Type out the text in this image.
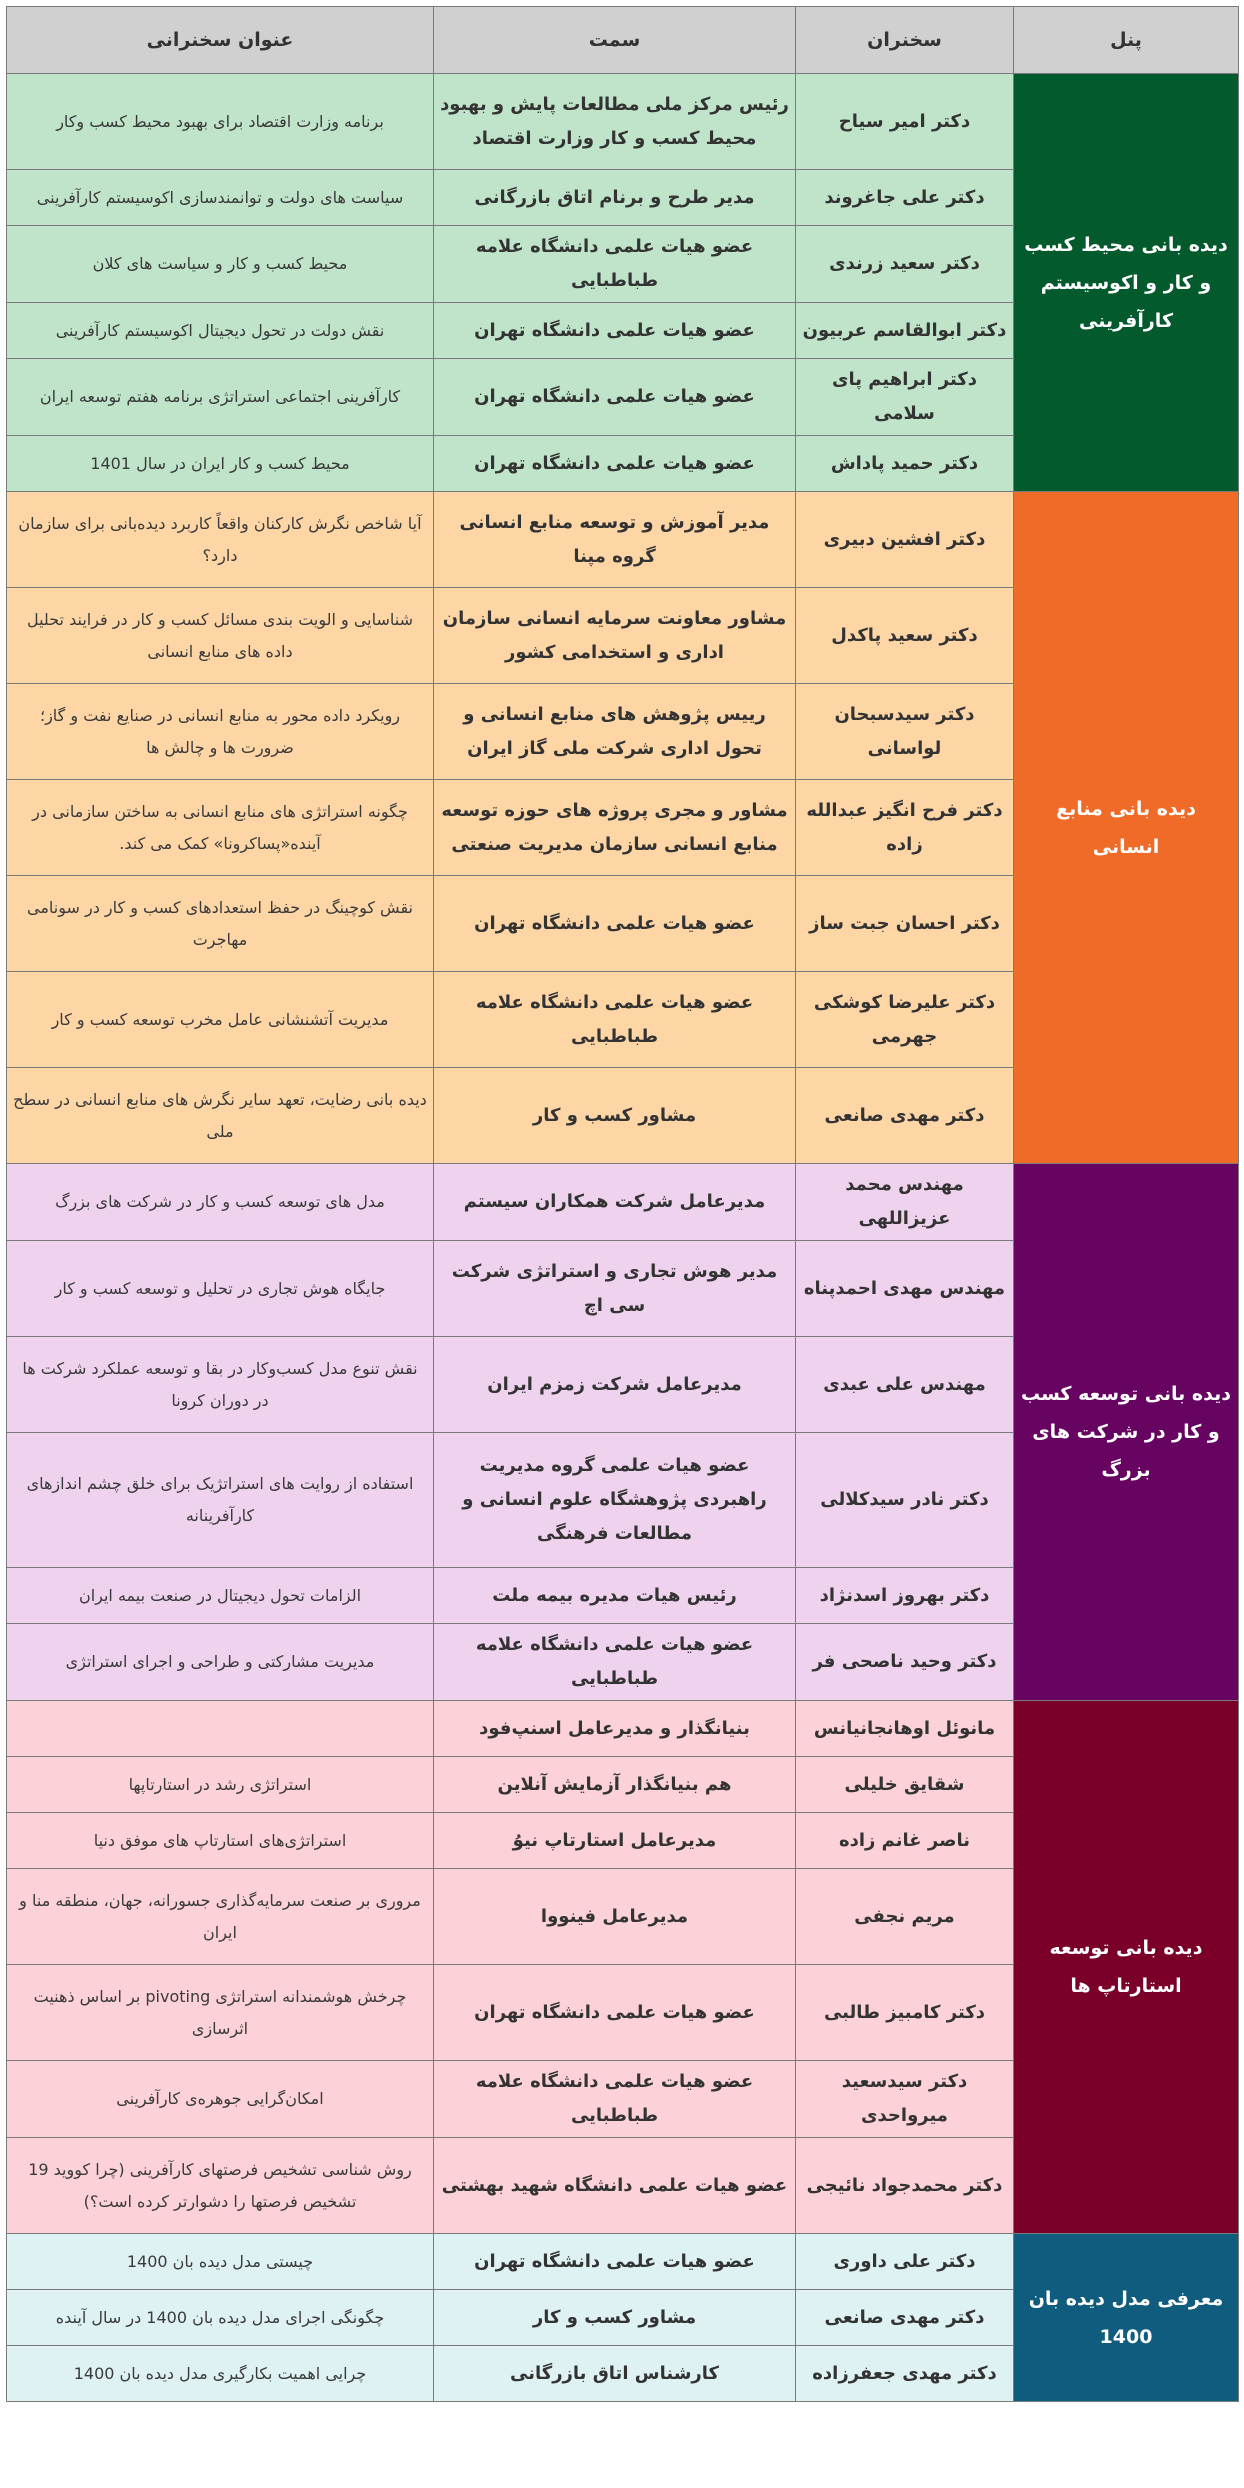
پنل	سخنران	سمت	عنوان سخنرانی
دیده بانی محیط کسب و کار و اکوسیستم کارآفرینی	دکتر امیر سیاح	رئیس مرکز ملی مطالعات پایش و بهبود محیط کسب و کار وزارت اقتصاد	برنامه وزارت اقتصاد برای بهبود محیط کسب وکار
	دکتر علی جاغروند	مدیر طرح و برنام اتاق بازرگانی	سیاست های دولت و توانمندسازی اکوسیستم کارآفرینی
	دکتر سعید زرندی	عضو هیات علمی دانشگاه علامه طباطبایی	محیط کسب و کار و سیاست های کلان
	دکتر ابوالقاسم عربیون	عضو هیات علمی دانشگاه تهران	نقش دولت در تحول دیجیتال اکوسیستم کارآفرینی
	دکتر ابراهیم پای سلامی	عضو هیات علمی دانشگاه تهران	کارآفرینی اجتماعی استراتژی برنامه هفتم توسعه ایران
	دکتر حمید پاداش	عضو هیات علمی دانشگاه تهران	محیط کسب و کار ایران در سال 1401
دیده بانی منابع انسانی	دکتر افشین دبیری	مدیر آموزش و توسعه منابع انسانی گروه مپنا	آیا شاخص نگرش کارکنان واقعاً کاربرد دیده‌بانی برای سازمان دارد؟
	دکتر سعید پاکدل	مشاور معاونت سرمایه انسانی سازمان اداری و استخدامی کشور	شناسایی و الویت بندی مسائل کسب و کار در فرایند تحلیل داده های منابع انسانی
	دکتر سیدسبحان لواسانی	رییس پژوهش های منابع انسانی و تحول اداری شرکت ملی گاز ایران	رویکرد داده محور به منابع انسانی در صنایع نفت و گاز؛ ضرورت ها و چالش ها
	دکتر فرح انگیز عبدالله زاده	مشاور و مجری پروژه های حوزه توسعه منابع انسانی سازمان مدیریت صنعتی	چگونه استراتژی های منابع انسانی به ساختن سازمانی در آینده«پساکرونا» کمک می کند.
	دکتر احسان جبت ساز	عضو هیات علمی دانشگاه تهران	نقش کوچینگ در حفظ استعدادهای کسب و کار در سونامی مهاجرت
	دکتر علیرضا کوشکی جهرمی	عضو هیات علمی دانشگاه علامه طباطبایی	مدیریت آتشنشانی عامل مخرب توسعه کسب و کار
	دکتر مهدی صانعی	مشاور کسب و کار	دیده بانی رضایت، تعهد سایر نگرش های منابع انسانی در سطح ملی
دیده بانی توسعه کسب و کار در شرکت های بزرگ	مهندس محمد عزیزاللهی	مدیرعامل شرکت همکاران سیستم	مدل های توسعه کسب و کار در شرکت های بزرگ
	مهندس مهدی احمدپناه	مدیر هوش تجاری و استراتژی شرکت سی اچ	جایگاه هوش تجاری در تحلیل و توسعه کسب و کار
	مهندس علی عبدی	مدیرعامل شرکت زمزم ایران	نقش تنوع مدل کسب‌وکار در بقا و توسعه عملکرد شرکت ها در دوران کرونا
	دکتر نادر سیدکلالی	عضو هیات علمی گروه مدیریت راهبردی پژوهشگاه علوم انسانی و مطالعات فرهنگی	استفاده از روایت های استراتژیک برای خلق چشم اندازهای کارآفرینانه
	دکتر بهروز اسدنژاد	رئیس هیات مدیره بیمه ملت	الزامات تحول دیجیتال در صنعت بیمه ایران
	دکتر وحید ناصحی فر	عضو هیات علمی دانشگاه علامه طباطبایی	مدیریت مشارکتی و طراحی و اجرای استراتژی
دیده بانی توسعه استارتاپ ها	مانوئل اوهانجانیانس	بنیانگذار و مدیرعامل اسنپ‌فود	
	شقایق خلیلی	هم بنیانگذار آزمایش آنلاین	استراتژی رشد در استارتاپها
	ناصر غانم زاده	مدیرعامل استارتاپ نیوُ	استراتژی‌های استارتاپ های موفق دنیا
	مریم نجفی	مدیرعامل فینووا	مروری بر صنعت سرمایه‌گذاری جسورانه، جهان، منطقه منا و ایران
	دکتر کامبیز طالبی	عضو هیات علمی دانشگاه تهران	چرخش هوشمندانه استراتژی pivoting بر اساس ذهنیت اثرسازی
	دکتر سیدسعید میرواحدی	عضو هیات علمی دانشگاه علامه طباطبایی	امکان‌گرایی جوهره‌ی کارآفرینی
	دکتر محمدجواد نائیجی	عضو هیات علمی دانشگاه شهید بهشتی	روش شناسی تشخیص فرصتهای کارآفرینی (چرا کووید 19 تشخیص فرصتها را دشوارتر کرده است؟)
معرفی مدل دیده بان 1400	دکتر علی داوری	عضو هیات علمی دانشگاه تهران	چیستی مدل دیده بان 1400
	دکتر مهدی صانعی	مشاور کسب و کار	چگونگی اجرای مدل دیده بان 1400 در سال آینده
	دکتر مهدی جعفرزاده	کارشناس اتاق بازرگانی	چرایی اهمیت بکارگیری مدل دیده بان 1400
